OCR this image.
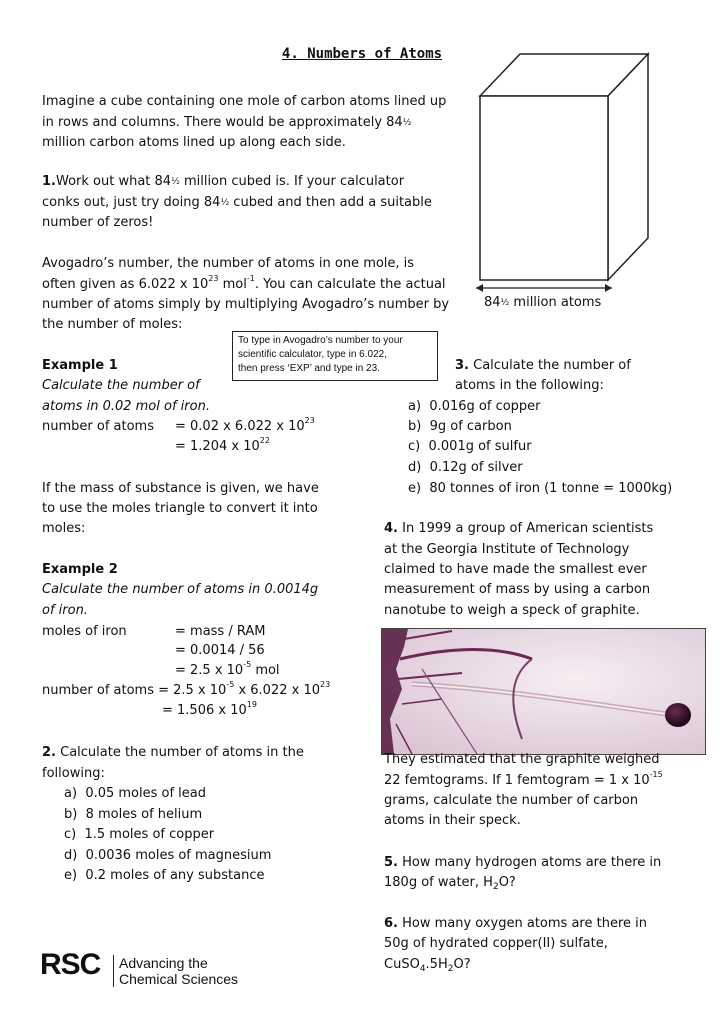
4. Numbers of Atoms
Imagine a cube containing one mole of carbon atoms lined up
in rows and columns. There would be approximately 84½
million carbon atoms lined up along each side.
84½ million atoms
1.Work out what 84½ million cubed is. If your calculator
conks out, just try doing 84½ cubed and then add a suitable
number of zeros!
Avogadro’s number, the number of atoms in one mole, is
often given as 6.022 x $10^{23}$ mol$^{-1}$. You can calculate the actual
number of atoms simply by multiplying Avogadro’s number by
the number of moles:
To type in Avogadro’s number to your
scientific calculator, type in 6.022,
then press ‘EXP’ and type in 23.
Example 1
Calculate the number of
atoms in 0.02 mol of iron.
number of atoms = 0.02 x 6.022 x $10^{23}$
= 1.204 x $10^{22}$
If the mass of substance is given, we have
to use the moles triangle to convert it into
moles:
Example 2
Calculate the number of atoms in 0.0014g
of iron.
moles of iron	= mass / RAM
= 0.0014 / 56
= 2.5 x $10^{-5}$ mol
number of atoms = 2.5 x $10^{-5}$ x 6.022 x $10^{23}$
= 1.506 x $10^{19}$
2. Calculate the number of atoms in the
following:
a) 0.05 moles of lead
b) 8 moles of helium
c) 1.5 moles of copper
d) 0.0036 moles of magnesium
e) 0.2 moles of any substance
3. Calculate the number of
atoms in the following:
a) 0.016g of copper
b) 9g of carbon
c) 0.001g of sulfur
d) 0.12g of silver
e) 80 tonnes of iron (1 tonne = 1000kg)
4. In 1999 a group of American scientists
at the Georgia Institute of Technology
claimed to have made the smallest ever
measurement of mass by using a carbon
nanotube to weigh a speck of graphite.
They estimated that the graphite weighed
22 femtograms. If 1 femtogram = 1 x $10^{-15}$
grams, calculate the number of carbon
atoms in their speck.
5. How many hydrogen atoms are there in
180g of water, $H_2O$?
6. How many oxygen atoms are there in
50g of hydrated copper(II) sulfate,
$CuSO_4.5H_2O$?
RSC Advancing the
Chemical Sciences
